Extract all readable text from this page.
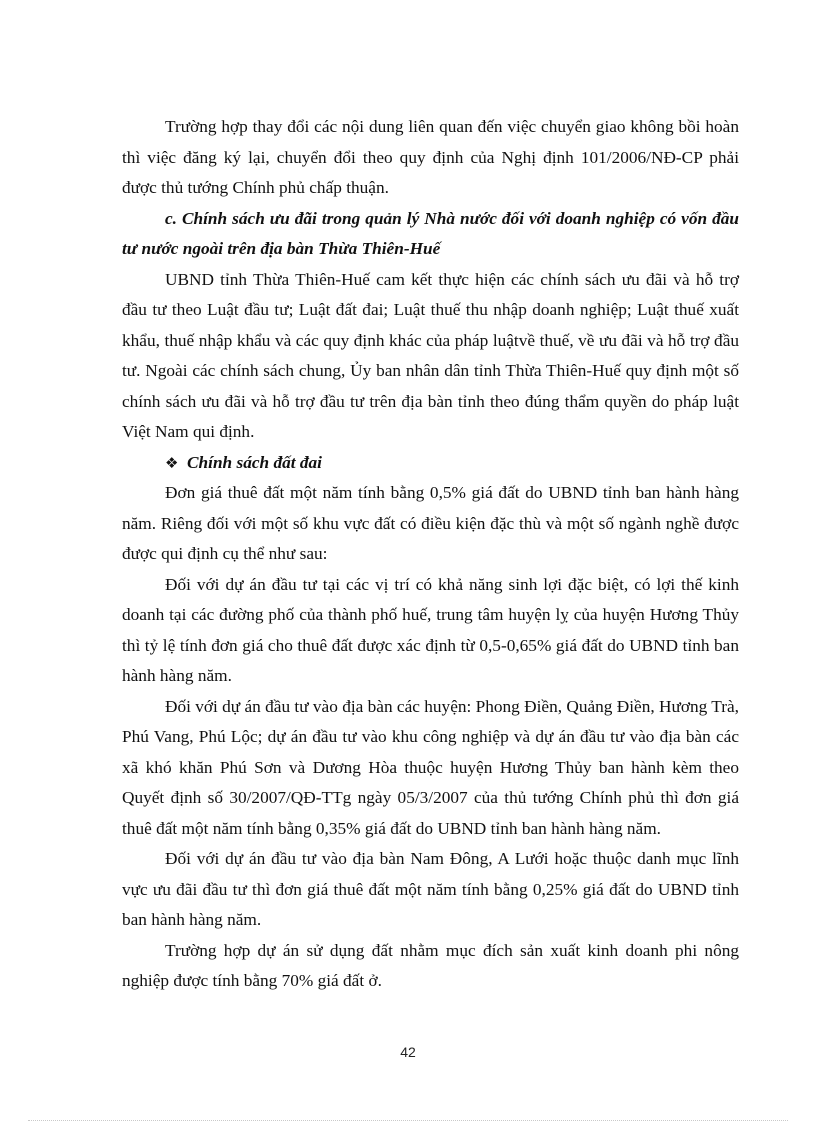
Trường hợp thay đổi các nội dung liên quan đến việc chuyển giao không bồi hoàn thì việc đăng ký lại, chuyển đổi theo quy định của Nghị định 101/2006/NĐ-CP phải được thủ tướng Chính phủ chấp thuận.

c. Chính sách ưu đãi trong quản lý Nhà nước đối với doanh nghiệp có vốn đầu tư nước ngoài trên địa bàn Thừa Thiên-Huế

UBND tỉnh Thừa Thiên-Huế cam kết thực hiện các chính sách ưu đãi và hỗ trợ đầu tư theo Luật đầu tư; Luật đất đai; Luật thuế thu nhập doanh nghiệp; Luật thuế xuất khẩu, thuế nhập khẩu và các quy định khác của pháp luậtvề thuế, về ưu đãi và hỗ trợ đầu tư. Ngoài các chính sách chung, Ủy ban nhân dân tỉnh Thừa Thiên-Huế quy định một số chính sách ưu đãi và hỗ trợ đầu tư trên địa bàn tỉnh theo đúng thẩm quyền do pháp luật Việt Nam qui định.

❖ Chính sách đất đai

Đơn giá thuê đất một năm tính bằng 0,5% giá đất do UBND tỉnh ban hành hàng năm. Riêng đối với một số khu vực đất có điều kiện đặc thù và một số ngành nghề được được qui định cụ thể như sau:

Đối với dự án đầu tư tại các vị trí có khả năng sinh lợi đặc biệt, có lợi thế kinh doanh tại các đường phố của thành phố huế, trung tâm huyện lỵ của huyện Hương Thủy thì tỷ lệ tính đơn giá cho thuê đất được xác định từ 0,5-0,65% giá đất do UBND tỉnh ban hành hàng năm.

Đối với dự án đầu tư vào địa bàn các huyện: Phong Điền, Quảng Điền, Hương Trà, Phú Vang, Phú Lộc; dự án đầu tư vào khu công nghiệp và dự án đầu tư vào địa bàn các xã khó khăn Phú Sơn và Dương Hòa thuộc huyện Hương Thủy ban hành kèm theo Quyết định số 30/2007/QĐ-TTg ngày 05/3/2007 của thủ tướng Chính phủ thì đơn giá thuê đất một năm tính bằng 0,35% giá đất do UBND tỉnh ban hành hàng năm.

Đối với dự án đầu tư vào địa bàn Nam Đông, A Lưới hoặc thuộc danh mục lĩnh vực ưu đãi đầu tư thì đơn giá thuê đất một năm tính bằng 0,25% giá đất do UBND tỉnh ban hành hàng năm.

Trường hợp dự án sử dụng đất nhằm mục đích sản xuất kinh doanh phi nông nghiệp được tính bằng 70% giá đất ở.

42
